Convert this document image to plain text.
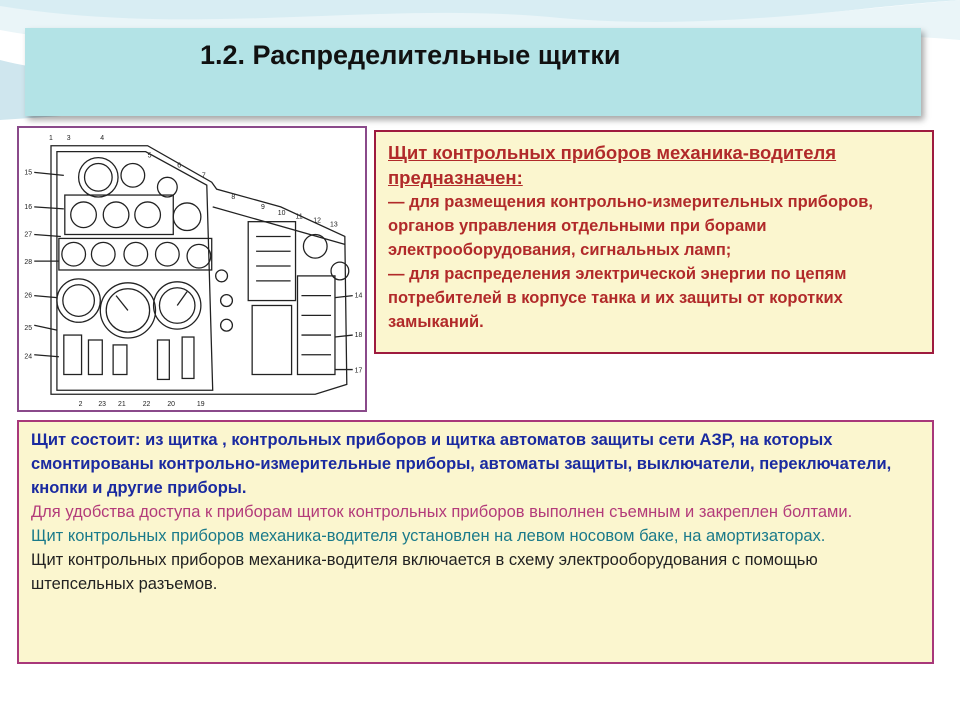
1.2. Распределительные щитки
1 3	4
5
6
7
8
9
10
11
12
13
15
16
27
28
26
25
24
14
18
17
23 21 22 20	19
2
Щит контрольных приборов механика-водителя предназначен:
— для размещения контрольно-измерительных приборов, органов управления отдельными при борами электрооборудования, сигнальных ламп;
— для распределения электрической энергии по цепям потребителей в корпусе танка и их защиты от коротких замыканий.

Щит состоит: из щитка , контрольных приборов и щитка автоматов защиты сети АЗР, на которых смонтированы контрольно-измерительные приборы, автоматы защиты, выключатели, переключатели, кнопки и другие приборы.

Для удобства доступа к приборам щиток контрольных приборов выполнен съемным и закреплен болтами.

Щит контрольных приборов механика-водителя установлен на левом носовом баке, на амортизаторах.

Щит контрольных приборов механика-водителя включается в схему электрооборудования с помощью штепсельных разъемов.
